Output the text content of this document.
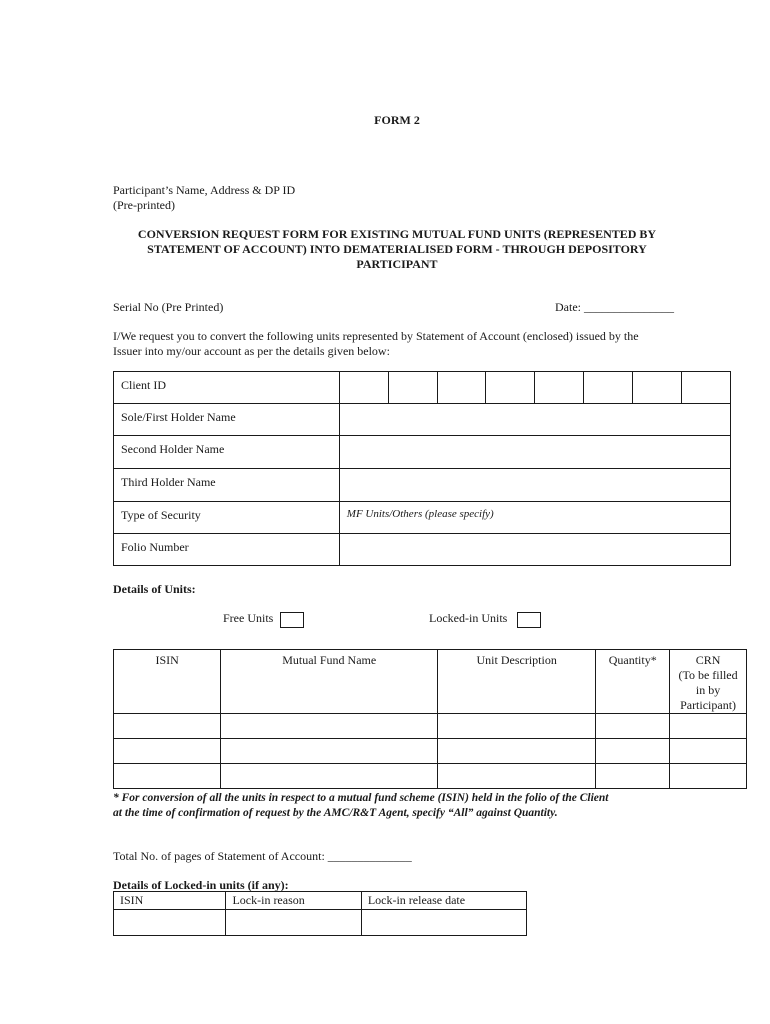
FORM 2
Participant’s Name, Address & DP ID
(Pre-printed)
CONVERSION REQUEST FORM FOR EXISTING MUTUAL FUND UNITS (REPRESENTED BY
STATEMENT OF ACCOUNT) INTO DEMATERIALISED FORM - THROUGH DEPOSITORY
PARTICIPANT
Serial No (Pre Printed)	Date: _______________
I/We request you to convert the following units represented by Statement of Account (enclosed) issued by the
Issuer into my/our account as per the details given below:
Client ID								
Sole/First Holder Name								
Second Holder Name								
Third Holder Name								
Type of Security	MF Units/Others (please specify)							
Folio Number								
Details of Units:
Free Units	Locked-in Units
ISIN	Mutual Fund Name	Unit Description	Quantity*	CRN
(To be filled
in by
Participant)

* For conversion of all the units in respect to a mutual fund scheme (ISIN) held in the folio of the Client
at the time of confirmation of request by the AMC/R&T Agent, specify “All” against Quantity.
Total No. of pages of Statement of Account: ______________
Details of Locked-in units (if any):
ISIN	Lock-in reason	Lock-in release date
